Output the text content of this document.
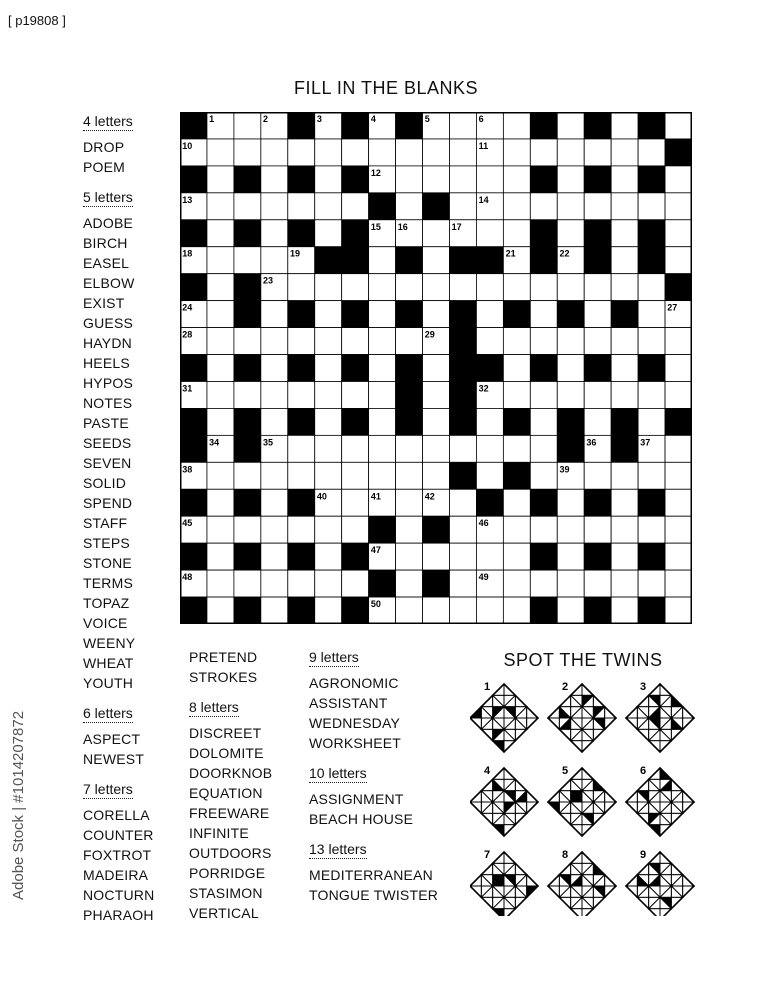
[ p19808 ]
FILL IN THE BLANKS
1	2	3	4	5	6	7	8	9
10	11
12
13	14
15 16	17
18	19	20	21	22
23
24	25	26	27
28	29
30
31	32
33
34	35	36	37
38	39
40	41	42	43	44
45	46
47
48	49
50
4 letters
DROP
POEM
5 letters
ADOBE
BIRCH
EASEL
ELBOW
EXIST
GUESS
HAYDN
HEELS
HYPOS
NOTES
PASTE
SEEDS
SEVEN
SOLID
SPEND
STAFF
STEPS
STONE
TERMS
TOPAZ
VOICE
WEENY
WHEAT
YOUTH
6 letters
ASPECT
NEWEST
7 letters
CORELLA
COUNTER
FOXTROT
MADEIRA
NOCTURN
PHARAOH
PRETEND
STROKES
8 letters
DISCREET
DOLOMITE
DOORKNOB
EQUATION
FREEWARE
INFINITE
OUTDOORS
PORRIDGE
STASIMON
VERTICAL
9 letters
AGRONOMIC
ASSISTANT
WEDNESDAY
WORKSHEET
10 letters
ASSIGNMENT
BEACH HOUSE
13 letters
MEDITERRANEAN
TONGUE TWISTER
SPOT THE TWINS
1	2	3
4	5	6
7	8	9
Adobe Stock | #1014207872
